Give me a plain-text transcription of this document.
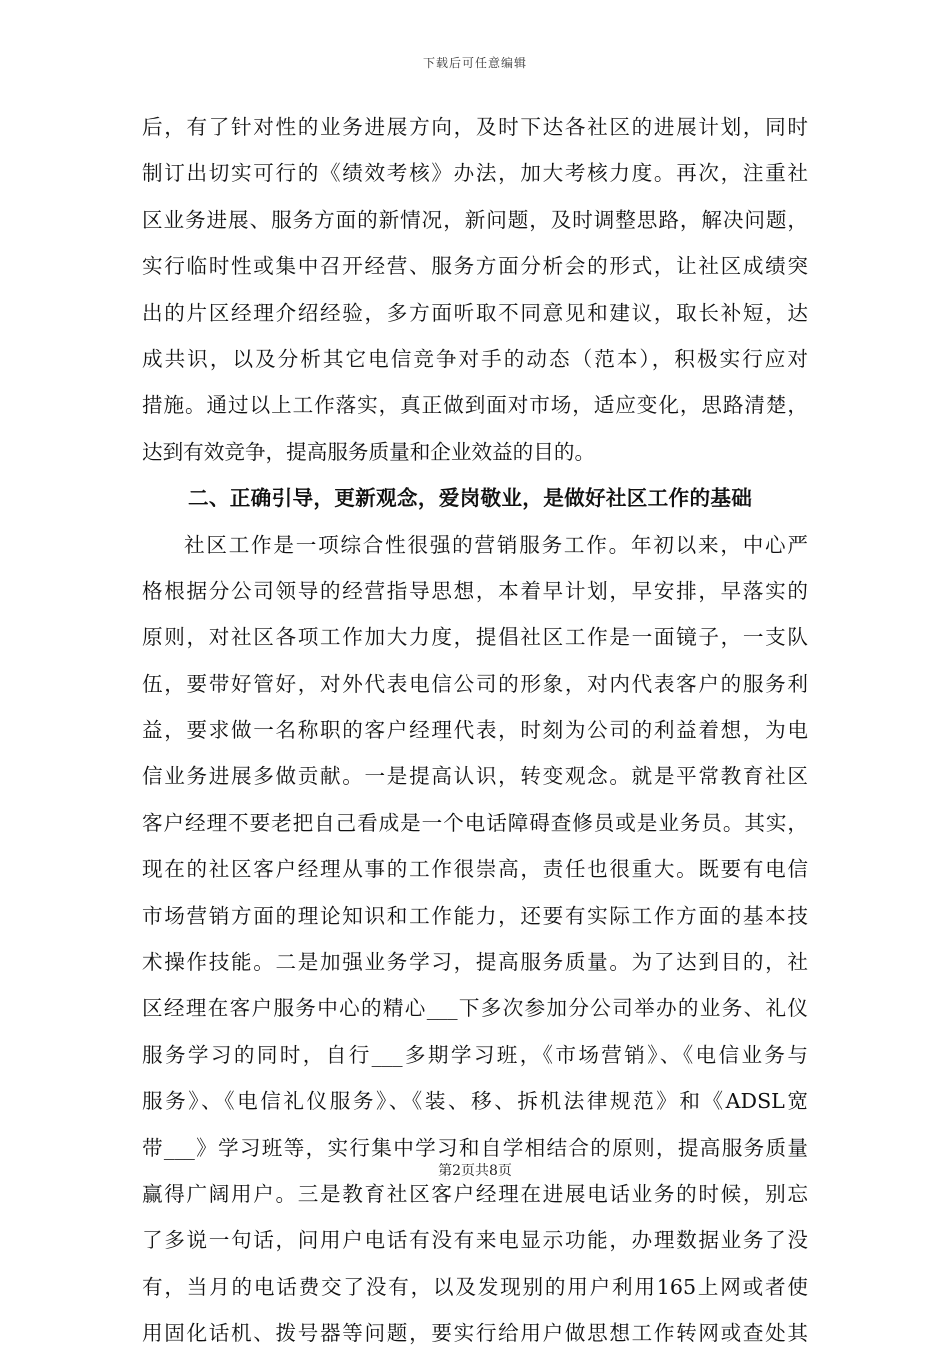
下载后可任意编辑
后，有了针对性的业务进展方向，及时下达各社区的进展计划，同时
制订出切实可行的《绩效考核》办法，加大考核力度。再次，注重社
区业务进展、服务方面的新情况，新问题，及时调整思路，解决问题，
实行临时性或集中召开经营、服务方面分析会的形式，让社区成绩突
出的片区经理介绍经验，多方面听取不同意见和建议，取长补短，达
成共识，以及分析其它电信竞争对手的动态（范本），积极实行应对
措施。通过以上工作落实，真正做到面对市场，适应变化，思路清楚，
达到有效竞争，提高服务质量和企业效益的目的。
二、正确引导，更新观念，爱岗敬业，是做好社区工作的基础
社区工作是一项综合性很强的营销服务工作。年初以来，中心严
格根据分公司领导的经营指导思想，本着早计划，早安排，早落实的
原则，对社区各项工作加大力度，提倡社区工作是一面镜子，一支队
伍，要带好管好，对外代表电信公司的形象，对内代表客户的服务利
益，要求做一名称职的客户经理代表，时刻为公司的利益着想，为电
信业务进展多做贡献。一是提高认识，转变观念。就是平常教育社区
客户经理不要老把自己看成是一个电话障碍查修员或是业务员。其实，
现在的社区客户经理从事的工作很崇高，责任也很重大。既要有电信
市场营销方面的理论知识和工作能力，还要有实际工作方面的基本技
术操作技能。二是加强业务学习，提高服务质量。为了达到目的，社
区经理在客户服务中心的精心___下多次参加分公司举办的业务、礼仪
服务学习的同时，自行___多期学习班，《市场营销》、《电信业务与
服务》、《电信礼仪服务》、《装、移、拆机法律规范》和《ADSL宽
带___》学习班等，实行集中学习和自学相结合的原则，提高服务质量
赢得广阔用户。三是教育社区客户经理在进展电话业务的时候，别忘
了多说一句话，问用户电话有没有来电显示功能，办理数据业务了没
有，当月的电话费交了没有，以及发现别的用户利用165上网或者使
用固化话机、拨号器等问题，要实行给用户做思想工作转网或查处其
第2页共8页
